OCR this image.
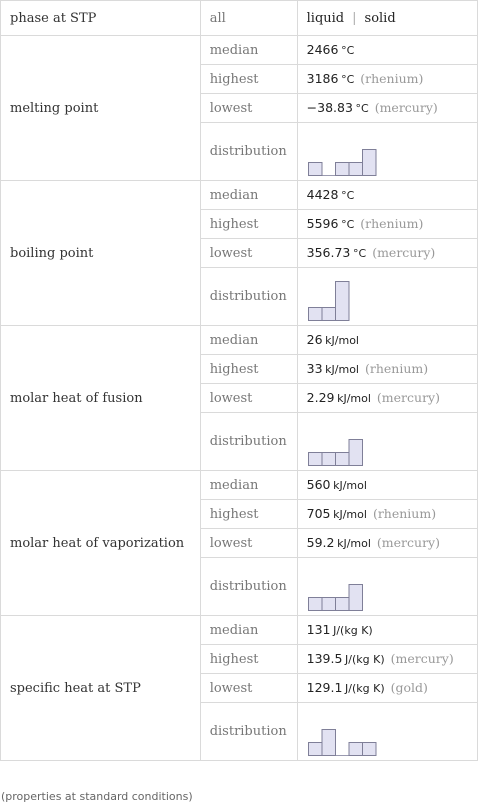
phase at STP	all	liquid | solid
melting point	median	2466  °C
	highest	3186  °C (rhenium)
	lowest	−38.83  °C (mercury)
	distribution	

boiling point	median	4428  °C
	highest	5596  °C (rhenium)
	lowest	356.73  °C (mercury)
	distribution	

molar heat of fusion	median	26  kJ/mol
	highest	33  kJ/mol (rhenium)
	lowest	2.29  kJ/mol (mercury)
	distribution	

molar heat of vaporization	median	560  kJ/mol
	highest	705  kJ/mol (rhenium)
	lowest	59.2  kJ/mol (mercury)
	distribution	

specific heat at STP	median	131  J/(kg K)
	highest	139.5  J/(kg K) (mercury)
	lowest	129.1  J/(kg K) (gold)
	distribution	
(properties at standard conditions)
